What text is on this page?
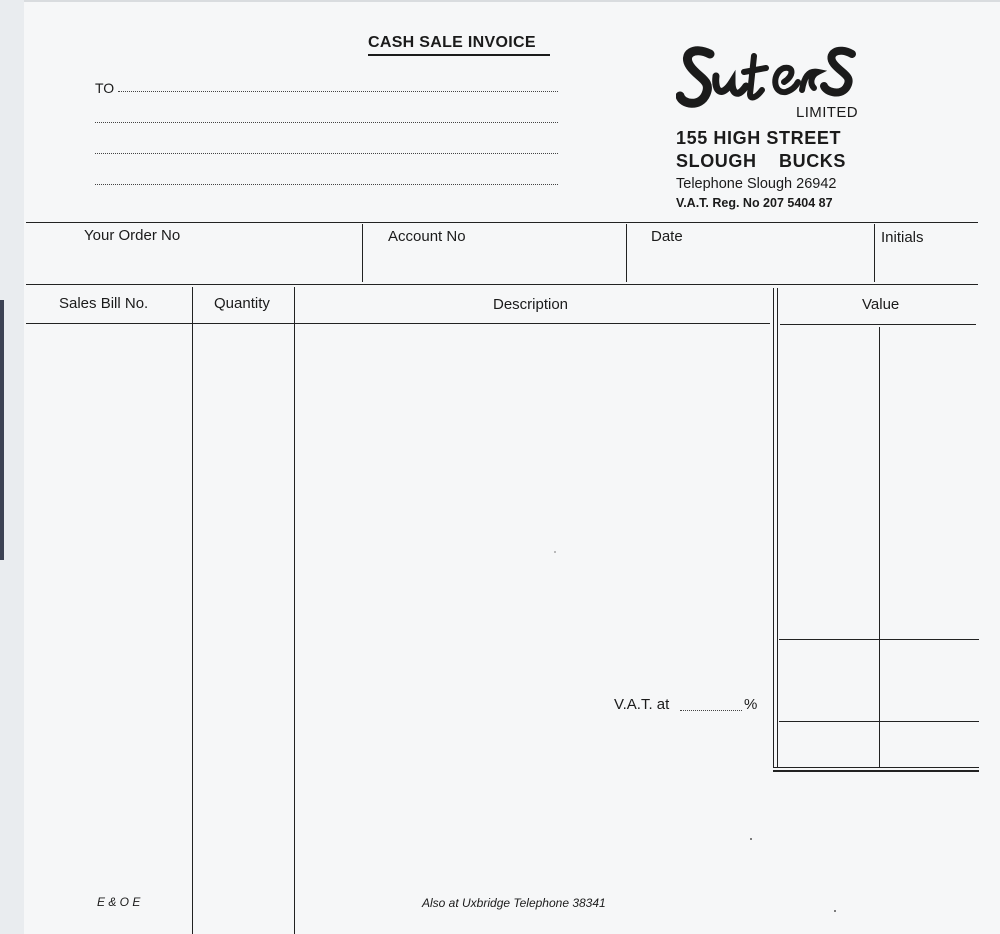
CASH SALE INVOICE
TO
LIMITED
155 HIGH STREET
SLOUGH    BUCKS
Telephone Slough 26942
V.A.T. Reg. No 207 5404 87
Your Order No	Account No	Date	Initials
Sales Bill No.	Quantity	Description	Value
V.A.T. at	%
E & O E	Also at Uxbridge Telephone 38341
